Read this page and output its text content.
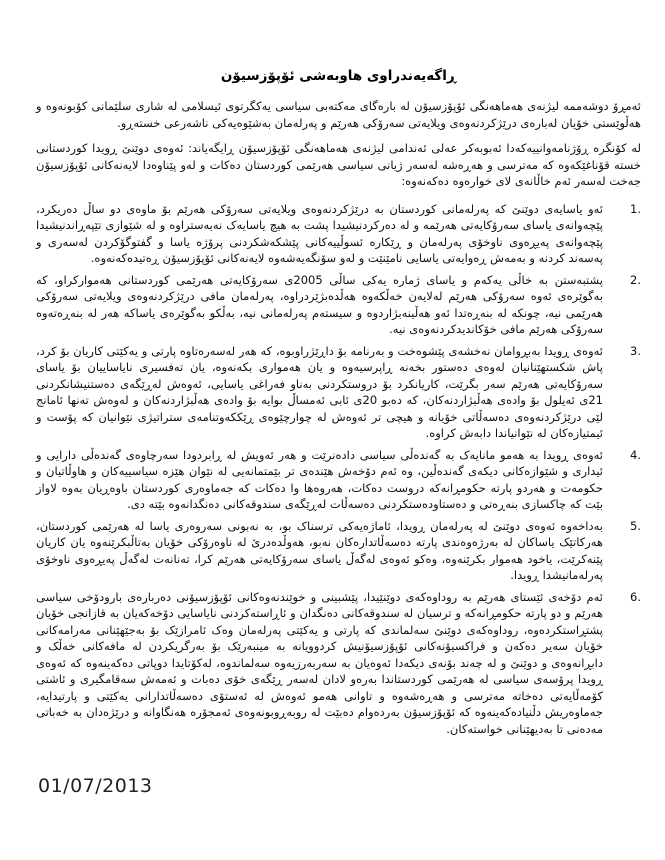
ڕاگەیەندراوی هاوبەشی ئۆپۆزسیۆن

ئەمڕۆ دوشەممە لیژنەی هەماهەنگی ئۆپۆزسیۆن لە بارەگای مەکتەبی سیاسی یەکگرتوی ئیسلامی لە شاری سلێمانی کۆبونەوە و هەڵوێستی خۆیان لەبارەی درێژکردنەوەی ویلایەتی سەرۆکی هەرێم و پەرلەمان بەشێوەیەکی ناشەرعی خستەڕو.

لە کۆنگرە ڕۆژنامەوانییەکەدا ئەبوبەکر عەلی ئەندامی لیژنەی هەماهەنگی ئۆپۆزسیۆن ڕایگەیاند: ئەوەی دوێنێ ڕویدا کوردستانی خستە قۆناغێکەوە کە مەترسی و هەڕەشە لەسەر ژیانی سیاسی هەرێمی کوردستان دەکات و لەو پێناوەدا لایەنەکانی ئۆپۆزسیۆن جەخت لەسەر ئەم خاڵانەی لای خوارەوە دەکەنەوە:

1.
ئەو یاسایەی دوێنێ کە پەرلەمانی کوردستان بە درێژکردنەوەی ویلایەتی سەرۆکی هەرێم بۆ ماوەی دو ساڵ دەریکرد، پێچەوانەی یاسای سەرۆکایەتی هەرێمە و لە دەرکردنیشیدا پشت بە هیچ یاسایەک نەبەستراوە و لە شێوازی تێپەڕاندنیشیدا پێچەوانەی پەیڕەوی ناوخۆی پەرلەمان و ڕێکارە ئسوڵییەکانی پێشکەشکردنی پرۆژە یاسا و گفتوگۆکردن لەسەری و پەسەند کردنە و بەمەش ڕەوایەتی یاسایی نامێنێت و لەو سۆنگەیەشەوە لایەنەکانی ئۆپۆزسیۆن ڕەتیدەکەنەوە.
2.
پشتبەستن بە خاڵی یەکەم و یاسای ژمارە یەکی ساڵی 2005ی سەرۆکایەتی هەرێمی کوردستانی هەموارکراو، کە بەگوێرەی ئەوە سەرۆکی هەرێم لەلایەن خەڵکەوە هەڵدەبژێردراوە، پەرلەمان مافی درێژکردنەوەی ویلایەتی سەرۆکی هەرێمی نیە، چونکە لە بنەڕەتدا ئەو هەڵینەبژاردوە و سیستەم پەرلەمانی نیە، بەڵکو بەگوێرەی یاساکە هەر لە بنەڕەتەوە سەرۆکی هەرێم مافی خۆکاندیدکردنەوەی نیە.
3.
ئەوەی ڕویدا بەبڕوامان نەخشەی پێشوەخت و بەرنامە بۆ داڕێژراوبوە، کە هەر لەسەرەتاوە پارتی و یەکێتی کاریان بۆ کرد، پاش شکستهێنانیان لەوەی دەستور بخەنە ڕاپرسیەوە و یان هەمواری بکەنەوە، یان تەفسیری نایاساییان بۆ یاسای سەرۆکایەتی هەرێم سەر بگرێت، کاریانکرد بۆ دروستکردنی بەناو فەراغی یاسایی، ئەوەش لەڕێگەی دەستنیشانکردنی 21ی ئەیلول بۆ وادەی هەڵبژاردنەکان، کە دەبو 20ی ئابی ئەمساڵ بوایە بۆ وادەی هەڵبژاردنەکان و لەوەش تەنها ئامانج لێی درێژکردنەوەی دەسەڵاتی خۆیانە و هیچی تر ئەوەش لە چوارچێوەی ڕێککەوتنامەی ستراتیژی نێوانیان کە پۆست و ئیمتیازەکان لە نێوانیاندا دابەش کراوە.
4.
ئەوەی ڕویدا بە هەمو مانایەک بە گەندەڵی سیاسی دادەنرێت و هەر ئەویش لە ڕابردودا سەرچاوەی گەندەڵی دارایی و ئیداری و شێوازەکانی دیکەی گەندەڵین، وە ئەم دۆخەش هێندەی تر بێمتمانەیی لە نێوان هێزە سیاسییەکان و هاوڵاتیان و حکومەت و هەردو پارتە حکومڕانەکە دروست دەکات، هەروەها وا دەکات کە جەماوەری کوردستان باوەڕیان بەوە لاواز بێت کە چاکسازی بنەڕەتی و دەستاودەستکردنی دەسەڵات لەڕێگەی سندوقەکانی دەنگدانەوە بێتە دی.
5.
بەداخەوە ئەوەی دوێنێ لە پەرلەمان ڕویدا، ئاماژەیەکی ترسناک بو، بە نەبونی سەروەری یاسا لە هەرێمی کوردستان، هەرکاتێک یاساکان لە بەرژەوەندی پارتە دەسەڵاتدارەکان نەبو، هەوڵدەدرێ لە ناوەرۆکی خۆیان بەتاڵبکرێنەوە یان کاریان پێنەکرێت، یاخود هەموار بکرێنەوە، وەکو ئەوەی لەگەڵ یاسای سەرۆکایەتی هەرێم کرا، تەنانەت لەگەڵ پەیڕەوی ناوخۆی پەرلەمانیشدا ڕویدا.
6.
ئەم دۆخەی ئێستای هەرێم بە روداوەکەی دوێنێیدا، پێشبینی و خوێندنەوەکانی ئۆپۆزسیۆنی دەربارەی بارودۆخی سیاسی هەرێم و دو پارتە حکومڕانەکە و ترسیان لە سندوقەکانی دەنگدان و ئاڕاستەکردنی نایاسایی دۆخەکەیان بە قازانجی خۆیان پشتڕاستکردەوە، روداوەکەی دوێنێ سەلماندی کە پارتی و یەکێتی پەرلەمان وەک ئامرازێک بۆ بەجێهێنانی مەرامەکانی خۆیان سەیر دەکەن و فراکسیۆنەکانی ئۆپۆزسیۆنیش کردوویانە بە مینبەرێک بۆ بەرگریکردن لە مافەکانی خەڵک و دابڕانەوەی و دوێنێ و لە چەند بۆنەی دیکەدا ئەوەیان بە سەربەرزیەوە سەلماندوە، لەکۆتایدا دوپاتی دەکەینەوە کە ئەوەی ڕویدا پرۆسەی سیاسی لە هەرێمی کوردستاندا بەرەو لادان لەسەر ڕێگەی خۆی دەبات و ئەمەش سەقامگیری و ئاشتی کۆمەڵایەتی دەخاتە مەترسی و هەڕەشەوە و تاوانی هەمو ئەوەش لە ئەستۆی دەسەڵاتدارانی یەکێتی و پارتیدایە، جەماوەریش دڵنیادەکەینەوە کە ئۆپۆزسیۆن بەردەوام دەبێت لە روبەڕوبونەوەی ئەمجۆرە هەنگاوانە و درێژەدان بە خەباتی مەدەنی تا بەدیهێنانی خواستەکان.
01/07/2013
